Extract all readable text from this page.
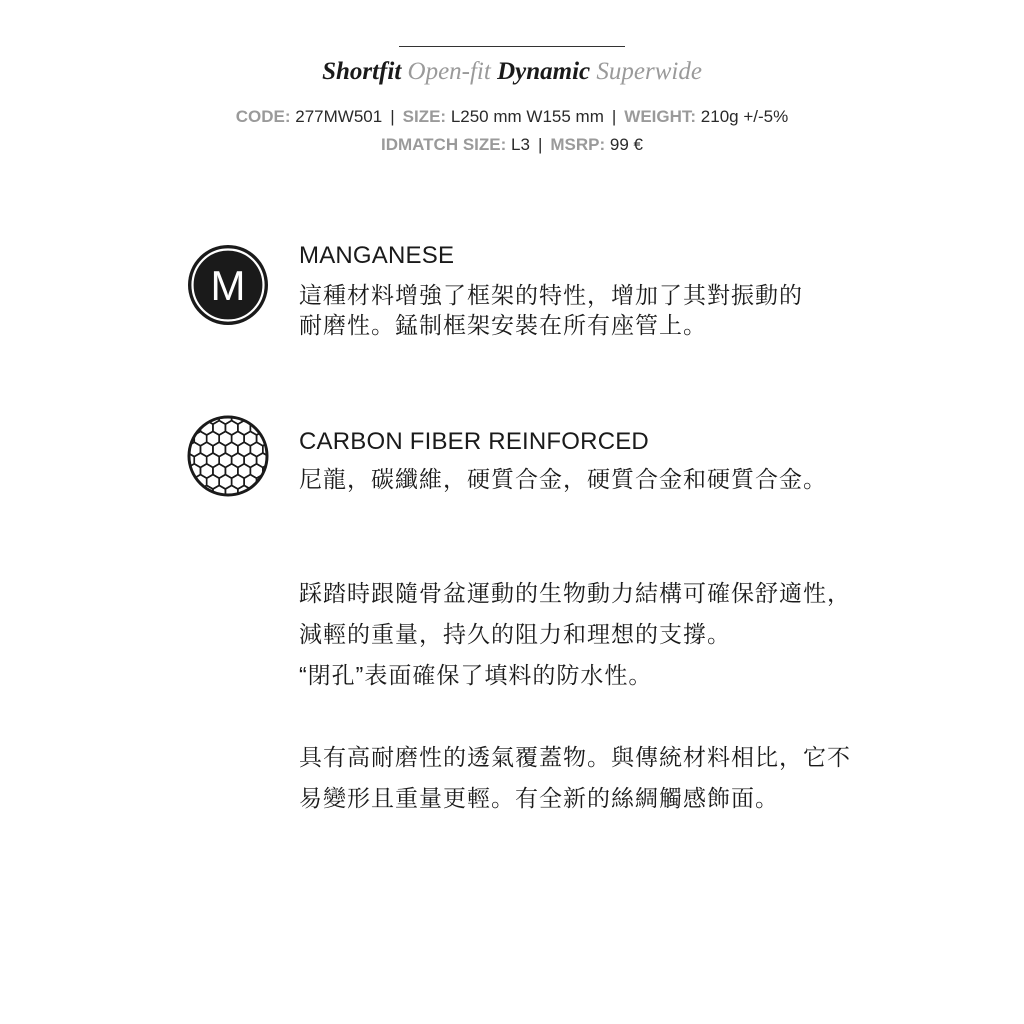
Shortfit Open-fit Dynamic Superwide
CODE: 277MW501 | SIZE: L250 mm W155 mm | WEIGHT: 210g +/-5%
IDMATCH SIZE: L3 | MSRP: 99 €
M
MANGANESE
這種材料增強了框架的特性，增加了其對振動的
耐磨性。錳制框架安裝在所有座管上。
CARBON FIBER REINFORCED
尼龍，碳纖維，硬質合金，硬質合金和硬質合金。
踩踏時跟隨骨盆運動的生物動力結構可確保舒適性，
減輕的重量，持久的阻力和理想的支撐。
“閉孔”表面確保了填料的防水性。
具有高耐磨性的透氣覆蓋物。與傳統材料相比，它不
易變形且重量更輕。有全新的絲綢觸感飾面。
